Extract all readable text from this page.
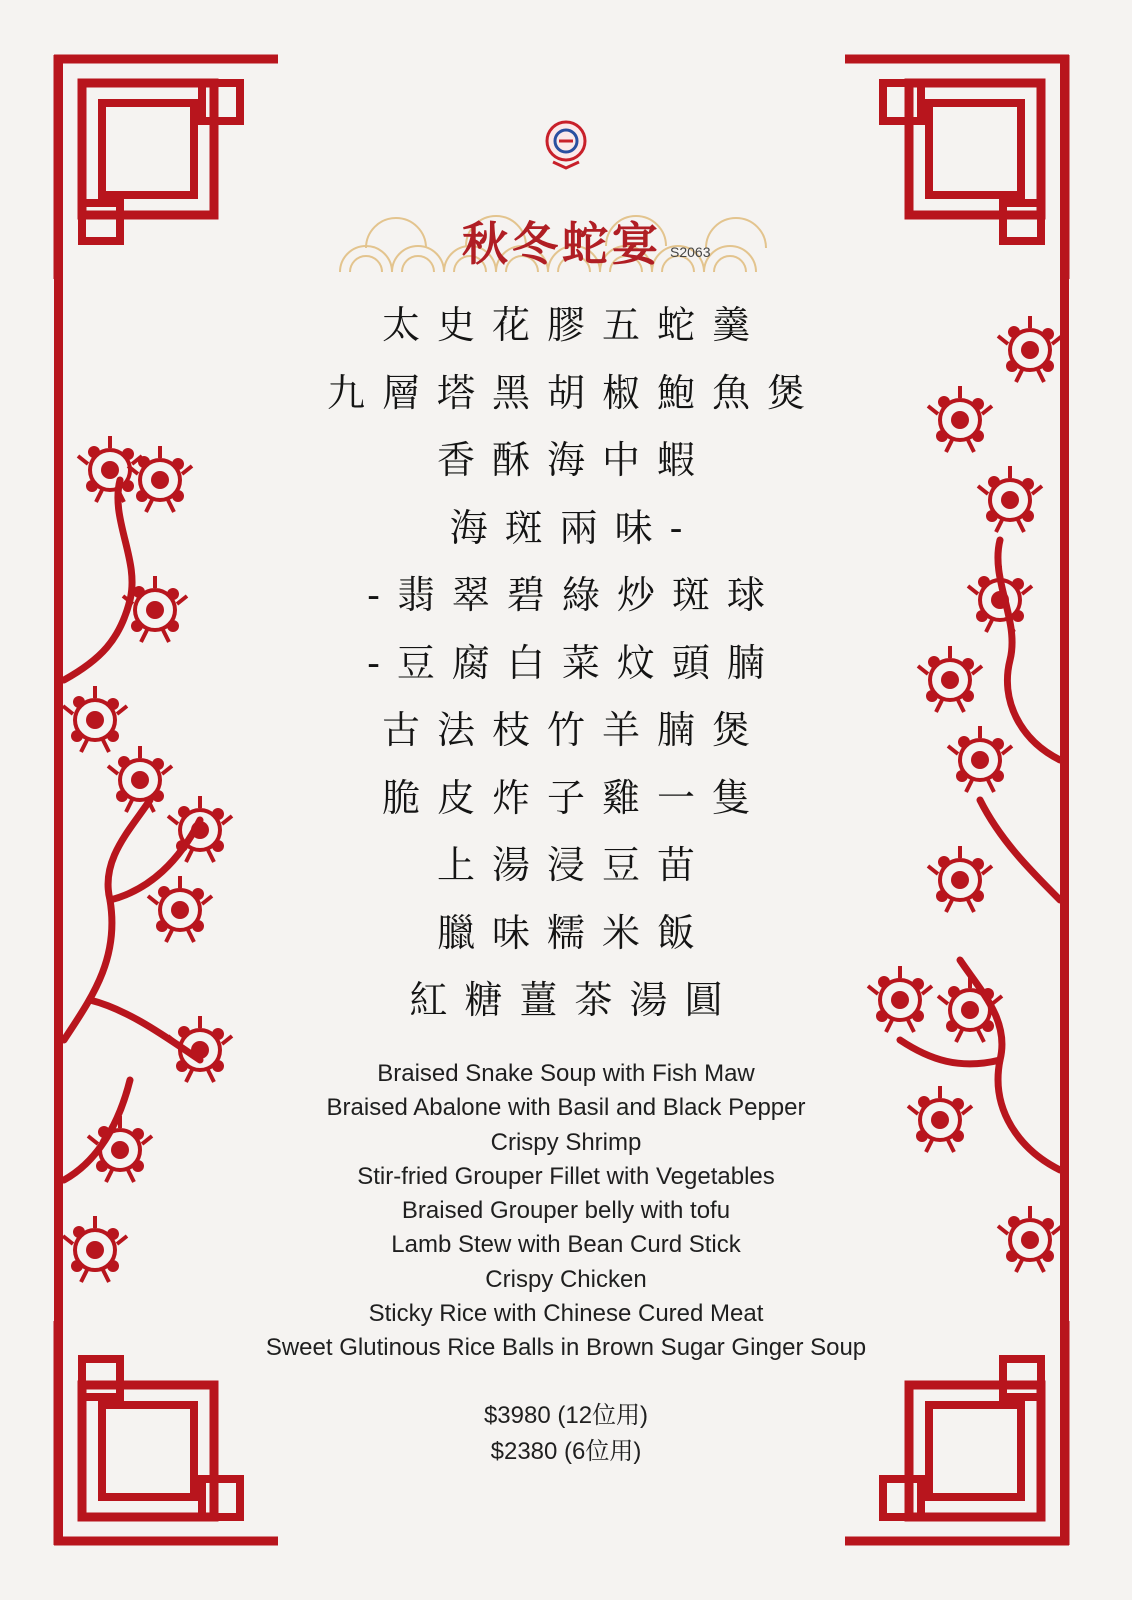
秋冬蛇宴 S2063
太史花膠五蛇羹
九層塔黑胡椒鮑魚煲
香酥海中蝦
海斑兩味-
-翡翠碧綠炒斑球
-豆腐白菜炆頭腩
古法枝竹羊腩煲
脆皮炸子雞一隻
上湯浸豆苗
臘味糯米飯
紅糖薑茶湯圓
Braised Snake Soup with Fish Maw
Braised Abalone with Basil and Black Pepper
Crispy Shrimp
Stir-fried Grouper Fillet with Vegetables
Braised Grouper belly with tofu
Lamb Stew with Bean Curd Stick
Crispy Chicken
Sticky Rice with Chinese Cured Meat
Sweet Glutinous Rice Balls in Brown Sugar Ginger Soup
$3980 (12位用)
$2380 (6位用)
